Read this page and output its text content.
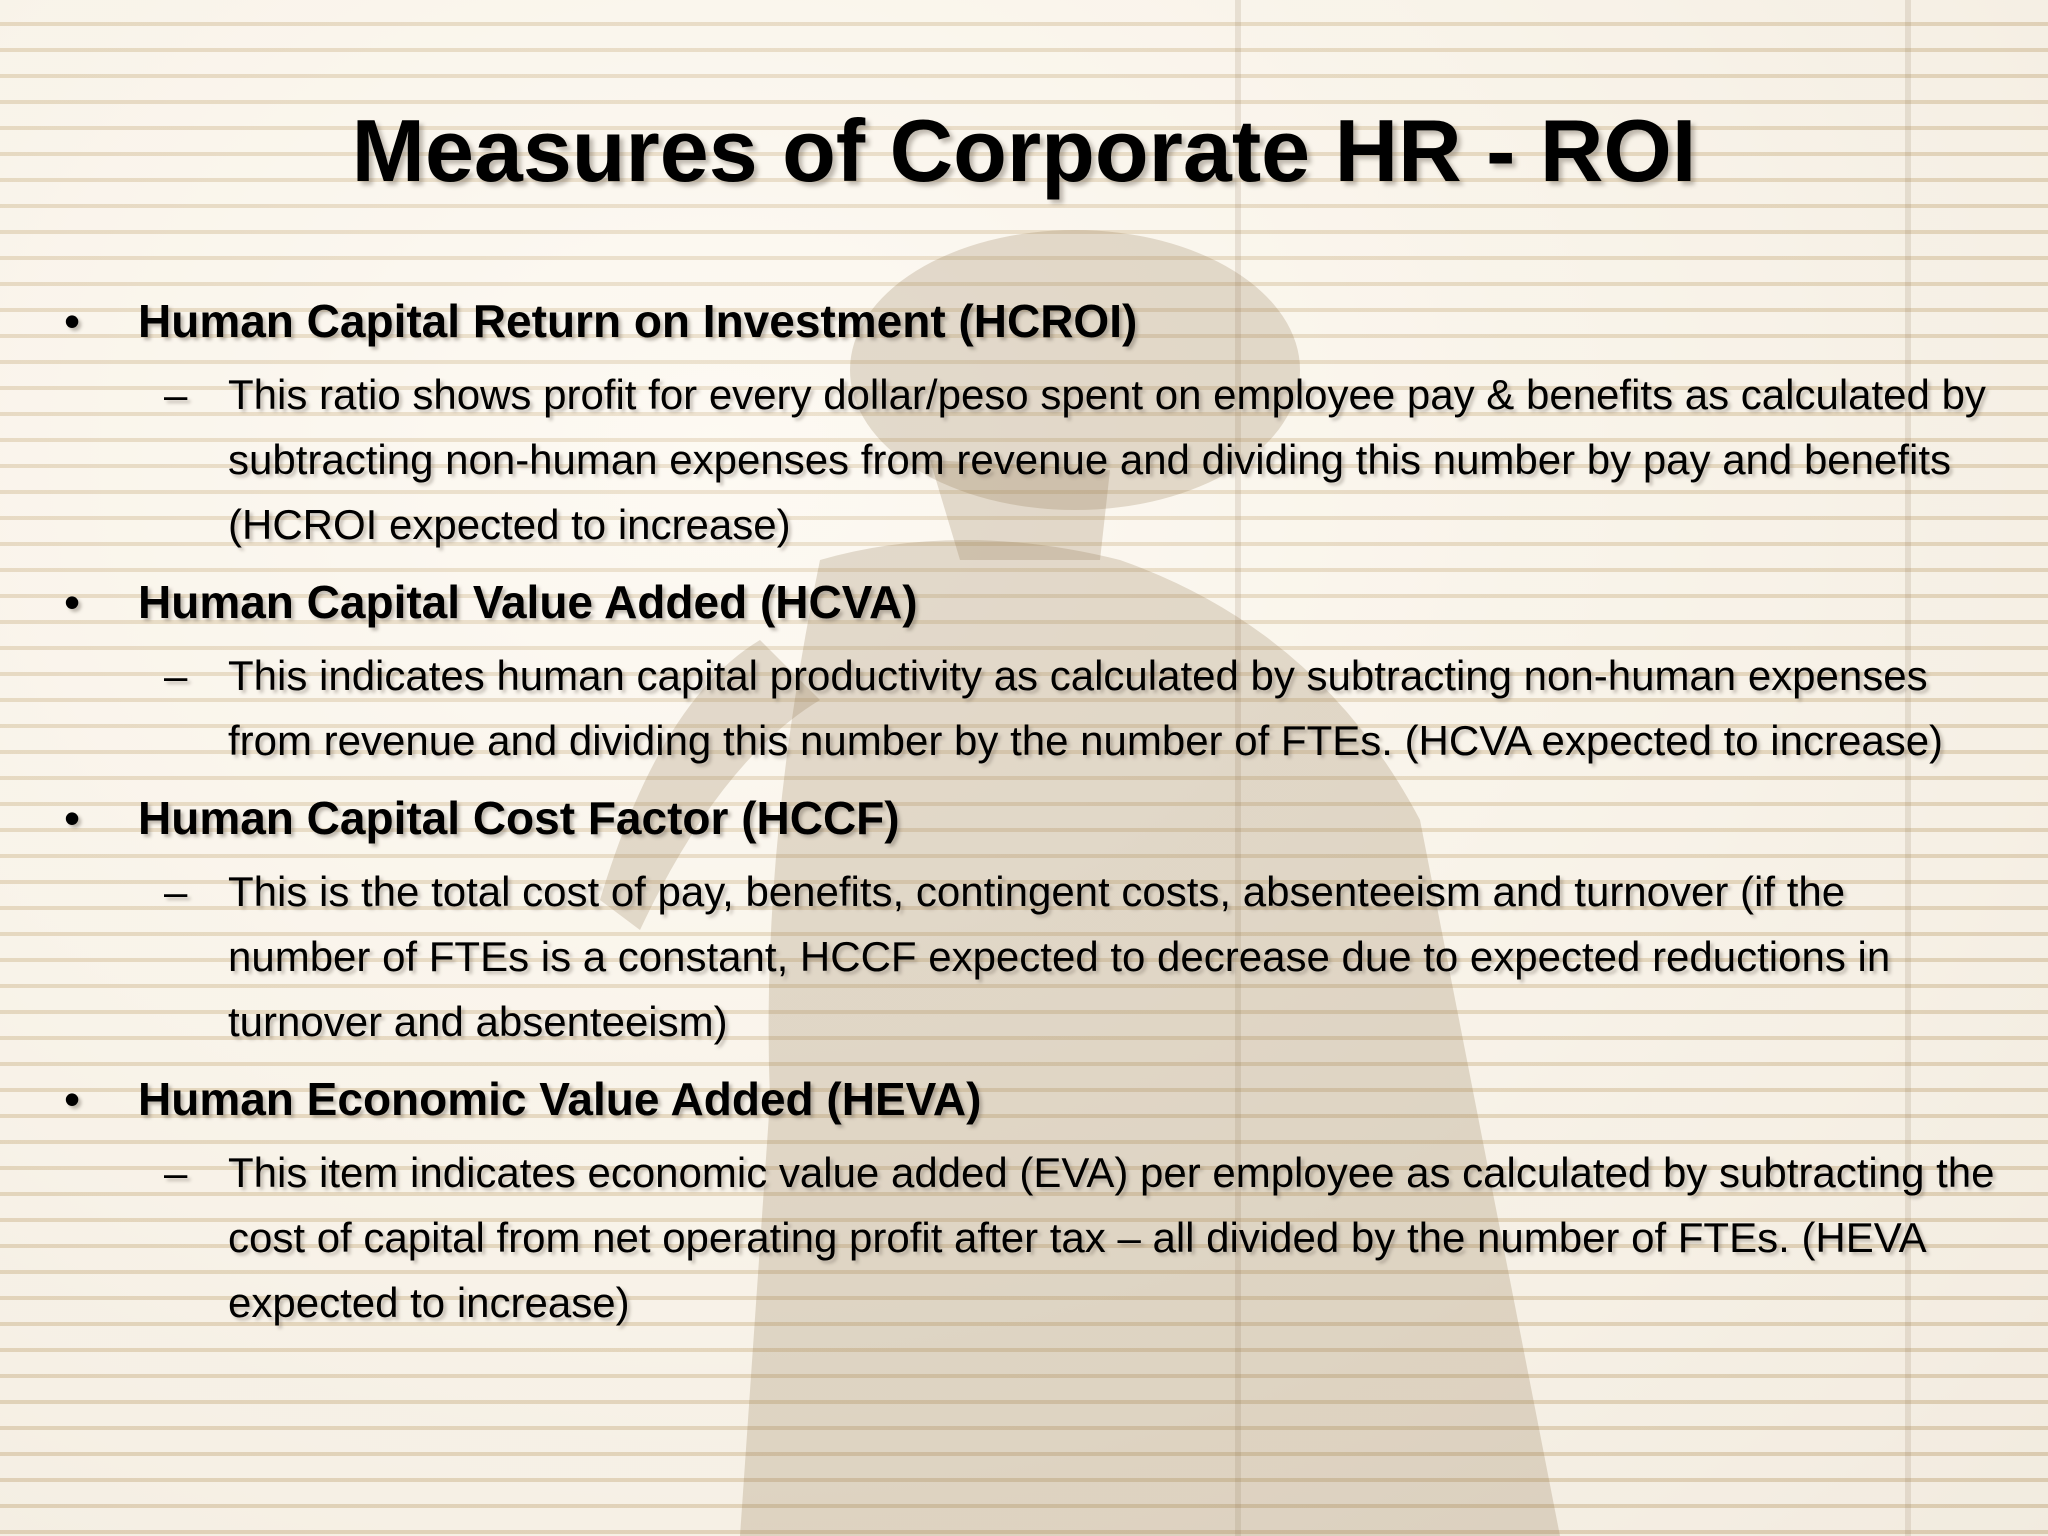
Measures of Corporate HR - ROI
• Human Capital Return on Investment (HCROI)
– This ratio shows profit for every dollar/peso spent on employee pay & benefits as calculated by subtracting non-human expenses from revenue and dividing this number by pay and benefits (HCROI expected to increase)
• Human Capital Value Added (HCVA)
– This indicates human capital productivity as calculated by subtracting non-human expenses from revenue and dividing this number by the number of FTEs. (HCVA expected to increase)
• Human Capital Cost Factor (HCCF)
– This is the total cost of pay, benefits, contingent costs, absenteeism and turnover (if the number of FTEs is a constant, HCCF expected to decrease due to expected reductions in turnover and absenteeism)
• Human Economic Value Added (HEVA)
– This item indicates economic value added (EVA) per employee as calculated by subtracting the cost of capital from net operating profit after tax – all divided by the number of FTEs. (HEVA expected to increase)
